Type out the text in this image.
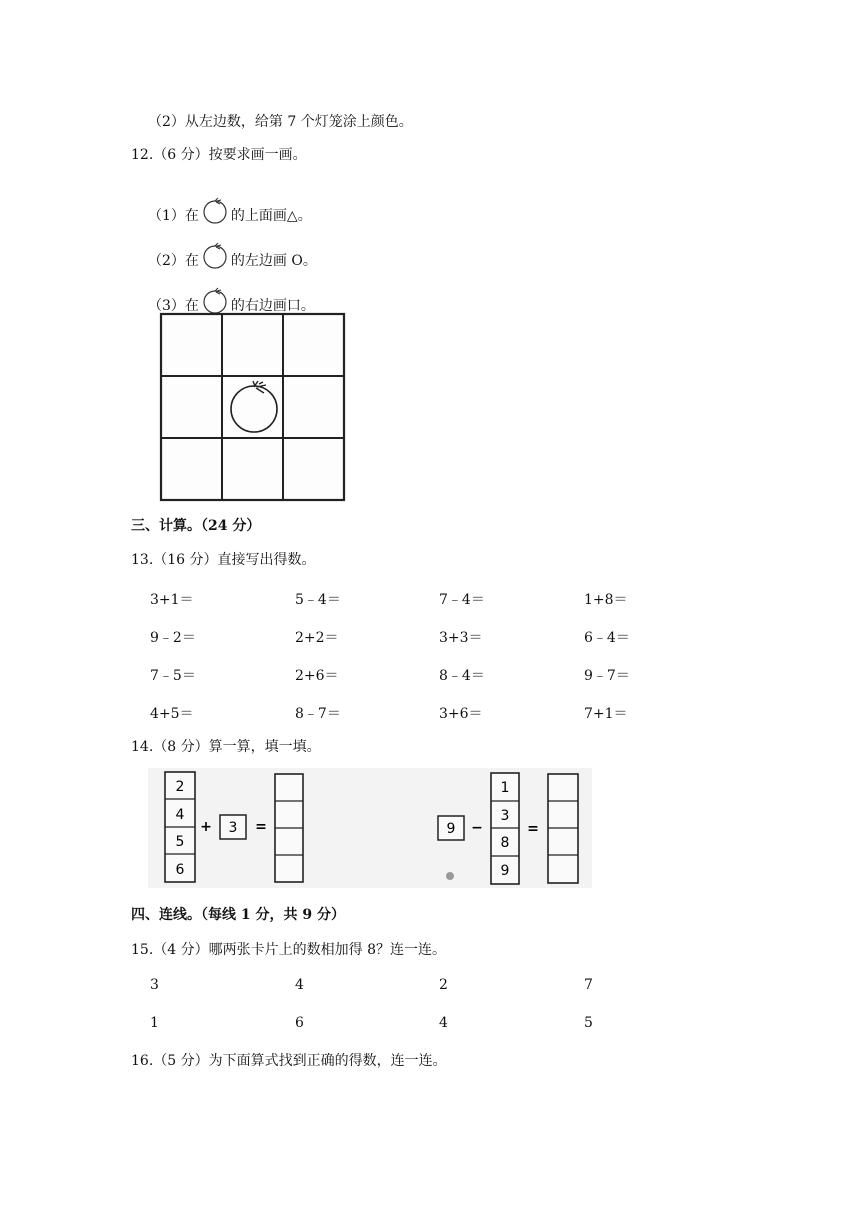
（2）从左边数，给第 7 个灯笼涂上颜色。
12.（6 分）按要求画一画。
（1）在 的上面画△。
（2）在 的左边画 O。
（3）在 的右边画口。
三、计算。（24 分）
13.（16 分）直接写出得数。
3+1＝	5﹣4＝	7﹣4＝	1+8＝
9﹣2＝	2+2＝	3+3＝	6﹣4＝
7﹣5＝	2+6＝	8﹣4＝	9﹣7＝
4+5＝	8﹣7＝	3+6＝	7+1＝
14.（8 分）算一算，填一填。
2
4
5
6
+ 3 =	9 −
1
3
8
9
=
四、连线。（每线 1 分，共 9 分）
15.（4 分）哪两张卡片上的数相加得 8？连一连。
3	4	2	7
1	6	4	5
16.（5 分）为下面算式找到正确的得数，连一连。
